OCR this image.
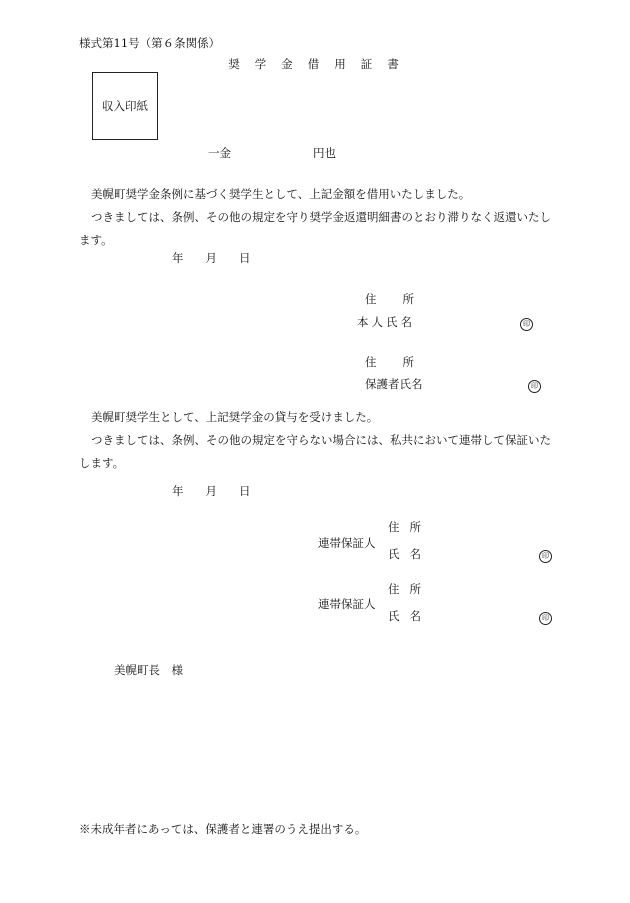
様式第11号（第６条関係）
奨学金借用証書
収入印紙
一金	円也

美幌町奨学金条例に基づく奨学生として、上記金額を借用いたしました。

つきましては、条例、その他の規定を守り奨学金返還明細書のとおり滞りなく返還いたします。

年 月 日
住所
本人氏名	印
住所
保護者氏名	印

美幌町奨学生として、上記奨学金の貸与を受けました。

つきましては、条例、その他の規定を守らない場合には、私共において連帯して保証いたします。

年 月 日
連帯保証人
住所
氏名	印
連帯保証人
住所
氏名	印
美幌町長　様
※未成年者にあっては、保護者と連署のうえ提出する。
